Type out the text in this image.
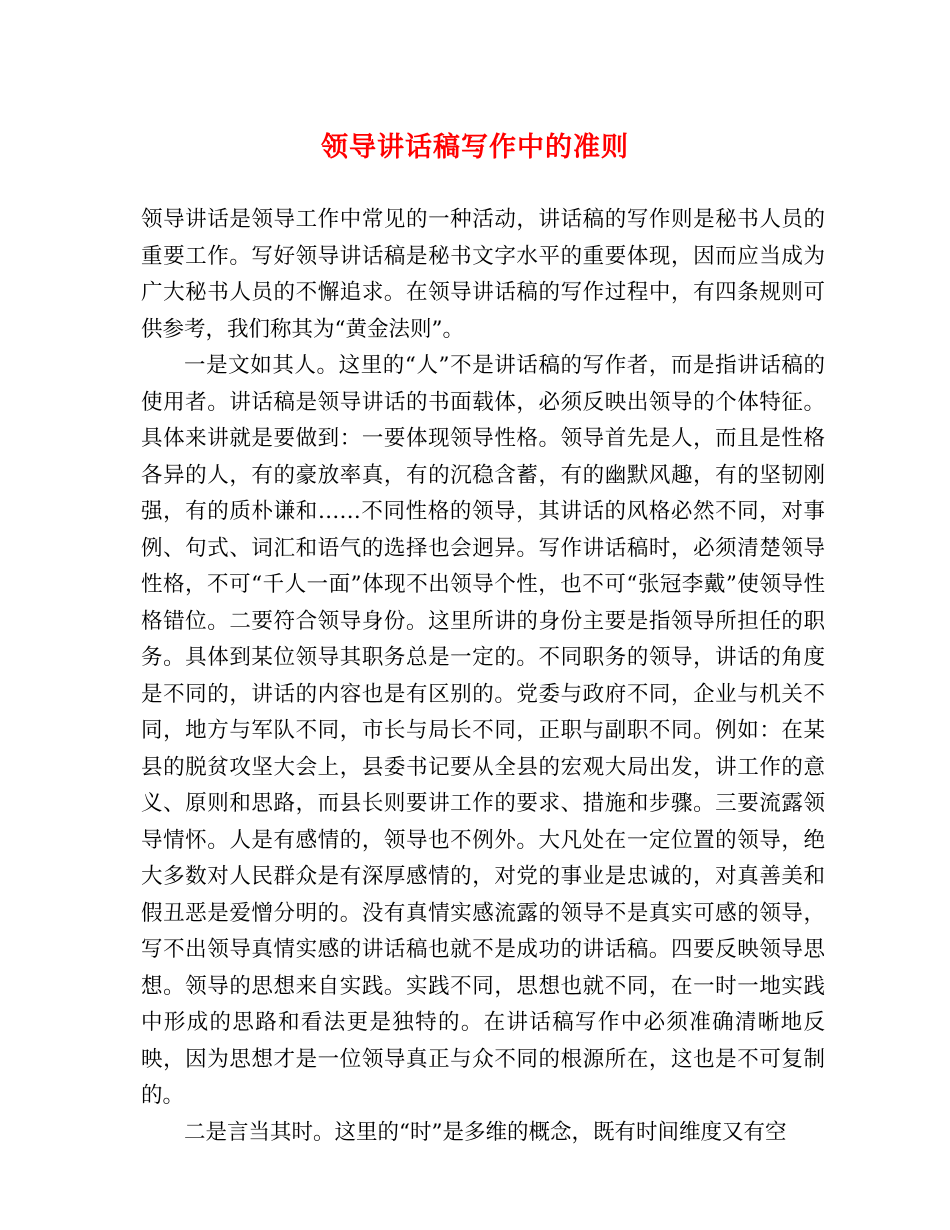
领导讲话稿写作中的准则

领导讲话是领导工作中常见的一种活动，讲话稿的写作则是秘书人员的重要工作。写好领导讲话稿是秘书文字水平的重要体现，因而应当成为广大秘书人员的不懈追求。在领导讲话稿的写作过程中，有四条规则可供参考，我们称其为“黄金法则”。

一是文如其人。这里的“人”不是讲话稿的写作者，而是指讲话稿的使用者。讲话稿是领导讲话的书面载体，必须反映出领导的个体特征。具体来讲就是要做到：一要体现领导性格。领导首先是人，而且是性格各异的人，有的豪放率真，有的沉稳含蓄，有的幽默风趣，有的坚韧刚强，有的质朴谦和……不同性格的领导，其讲话的风格必然不同，对事例、句式、词汇和语气的选择也会迥异。写作讲话稿时，必须清楚领导性格，不可“千人一面”体现不出领导个性，也不可“张冠李戴”使领导性格错位。二要符合领导身份。这里所讲的身份主要是指领导所担任的职务。具体到某位领导其职务总是一定的。不同职务的领导，讲话的角度是不同的，讲话的内容也是有区别的。党委与政府不同，企业与机关不同，地方与军队不同，市长与局长不同，正职与副职不同。例如：在某县的脱贫攻坚大会上，县委书记要从全县的宏观大局出发，讲工作的意义、原则和思路，而县长则要讲工作的要求、措施和步骤。三要流露领导情怀。人是有感情的，领导也不例外。大凡处在一定位置的领导，绝大多数对人民群众是有深厚感情的，对党的事业是忠诚的，对真善美和假丑恶是爱憎分明的。没有真情实感流露的领导不是真实可感的领导，写不出领导真情实感的讲话稿也就不是成功的讲话稿。四要反映领导思想。领导的思想来自实践。实践不同，思想也就不同，在一时一地实践中形成的思路和看法更是独特的。在讲话稿写作中必须准确清晰地反映，因为思想才是一位领导真正与众不同的根源所在，这也是不可复制的。

二是言当其时。这里的“时”是多维的概念，既有时间维度又有空
